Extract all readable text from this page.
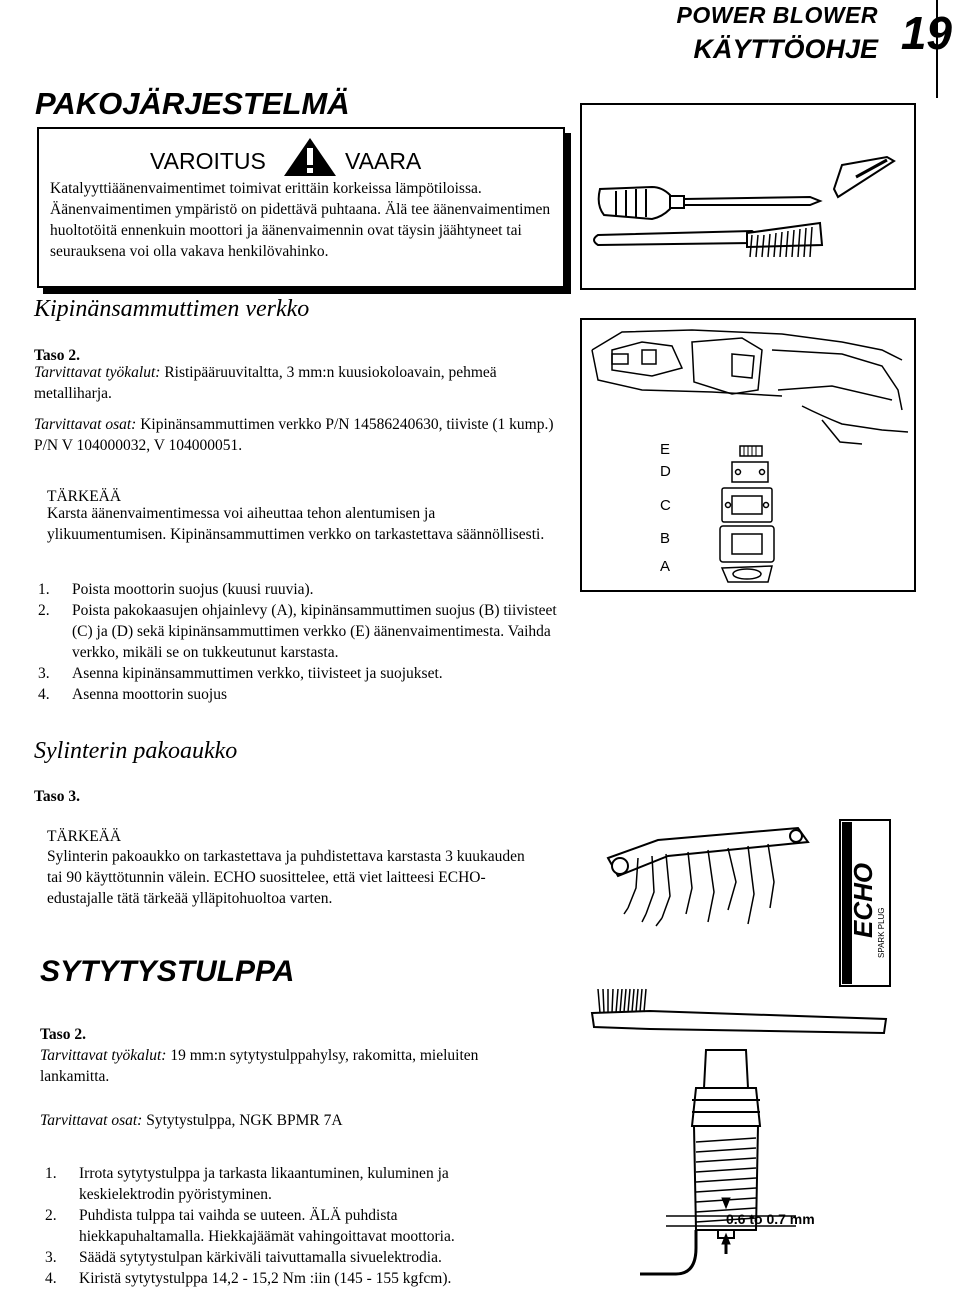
POWER BLOWER
KÄYTTÖOHJE 19
PAKOJÄRJESTELMÄ
VAROITUS	VAARA
Katalyyttiäänenvaimentimet toimivat erittäin korkeissa lämpötiloissa. Äänenvaimentimen ympäristö on pidettävä puhtaana. Älä tee äänenvaimentimen huoltotöitä ennenkuin moottori ja äänenvaimennin ovat täysin jäähtyneet tai seurauksena voi olla vakava henkilövahinko.
Kipinänsammuttimen verkko
Taso 2.
Tarvittavat työkalut: Ristipääruuvitaltta, 3 mm:n kuusiokoloavain, pehmeä metalliharja.
Tarvittavat osat: Kipinänsammuttimen verkko P/N 14586240630, tiiviste (1 kump.) P/N V 104000032, V 104000051.
TÄRKEÄÄ
Karsta äänenvaimentimessa voi aiheuttaa tehon alentumisen ja ylikuumentumisen. Kipinänsammuttimen verkko on tarkastettava säännöllisesti.
1.	Poista moottorin suojus (kuusi ruuvia).
2.	Poista pakokaasujen ohjainlevy (A), kipinänsammuttimen suojus (B) tiivisteet (C) ja (D) sekä kipinänsammuttimen verkko (E) äänenvaimentimesta. Vaihda verkko, mikäli se on tukkeutunut karstasta.
3.	Asenna kipinänsammuttimen verkko, tiivisteet ja suojukset.
4.	Asenna moottorin suojus
Sylinterin pakoaukko
Taso 3.
TÄRKEÄÄ
Sylinterin pakoaukko on tarkastettava ja puhdistettava karstasta 3 kuukauden tai 90 käyttötunnin välein. ECHO suosittelee, että viet laitteesi ECHO-edustajalle tätä tärkeää ylläpitohuoltoa varten.
SYTYTYSTULPPA
Taso 2.
Tarvittavat työkalut: 19 mm:n sytytystulppahylsy, rakomitta, mieluiten lankamitta.
Tarvittavat osat: Sytytystulppa, NGK BPMR 7A
1.	Irrota sytytystulppa ja tarkasta likaantuminen, kuluminen ja keskielektrodin pyöristyminen.
2.	Puhdista tulppa tai vaihda se uuteen. ÄLÄ puhdista hiekkapuhaltamalla. Hiekkajäämät vahingoittavat moottoria.
3.	Säädä sytytystulpan kärkiväli taivuttamalla sivuelektrodia.
4.	Kiristä sytytystulppa 14,2 - 15,2 Nm :iin (145 - 155 kgfcm).
E
D
C
B
A
ECHO SPARK PLUG
0.6 to 0.7 mm
